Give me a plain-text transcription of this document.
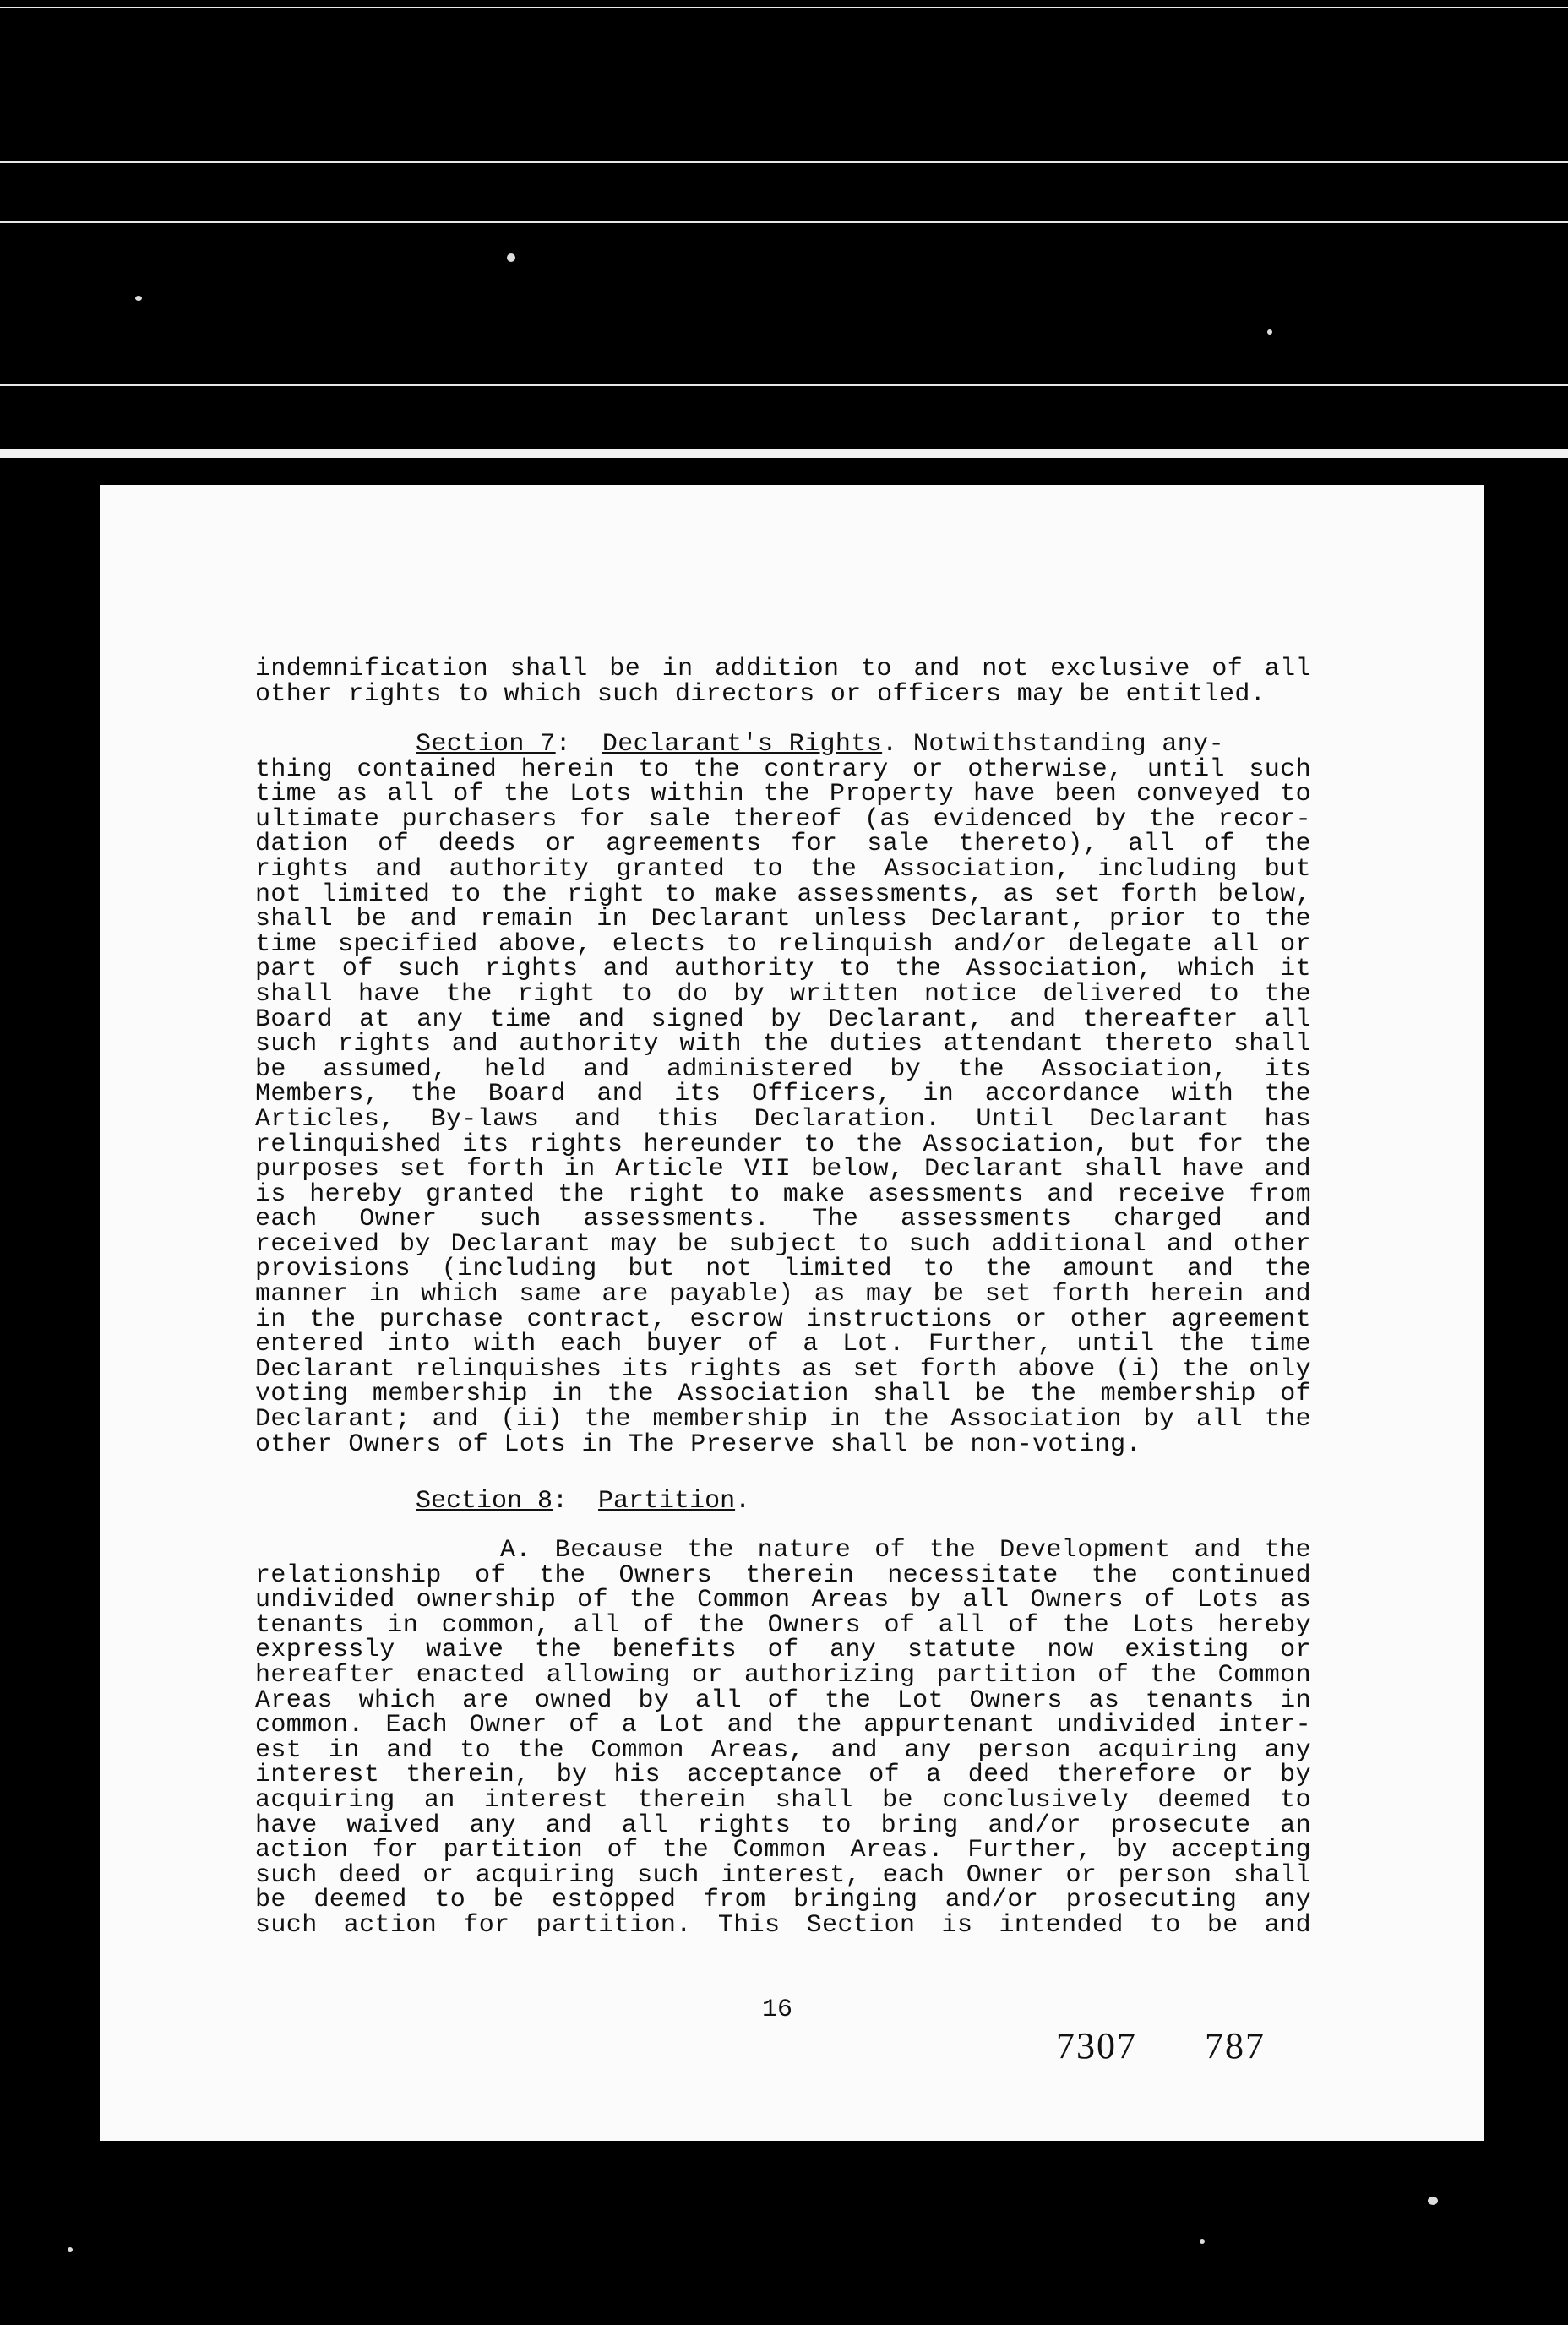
indemnification shall be in addition to and not exclusive of all

other rights to which such directors or officers may be entitled.

Section 7:  Declarant's Rights. Notwithstanding any-

thing contained herein to the contrary or otherwise, until such

time as all of the Lots within the Property have been conveyed to

ultimate purchasers for sale thereof (as evidenced by the recor-

dation of deeds or agreements for sale thereto), all of the

rights and authority granted to the Association, including but

not limited to the right to make assessments, as set forth below,

shall be and remain in Declarant unless Declarant, prior to the

time specified above, elects to relinquish and/or delegate all or

part of such rights and authority to the Association, which it

shall have the right to do by written notice delivered to the

Board at any time and signed by Declarant, and thereafter all

such rights and authority with the duties attendant thereto shall

be assumed, held and administered by the Association, its

Members, the Board and its Officers, in accordance with the

Articles, By-laws and this Declaration. Until Declarant has

relinquished its rights hereunder to the Association, but for the

purposes set forth in Article VII below, Declarant shall have and

is hereby granted the right to make asessments and receive from

each Owner such assessments. The assessments charged and

received by Declarant may be subject to such additional and other

provisions (including but not limited to the amount and the

manner in which same are payable) as may be set forth herein and

in the purchase contract, escrow instructions or other agreement

entered into with each buyer of a Lot. Further, until the time

Declarant relinquishes its rights as set forth above (i) the only

voting membership in the Association shall be the membership of

Declarant; and (ii) the membership in the Association by all the

other Owners of Lots in The Preserve shall be non-voting.

Section 8:  Partition.

A. Because the nature of the Development and the

relationship of the Owners therein necessitate the continued

undivided ownership of the Common Areas by all Owners of Lots as

tenants in common, all of the Owners of all of the Lots hereby

expressly waive the benefits of any statute now existing or

hereafter enacted allowing or authorizing partition of the Common

Areas which are owned by all of the Lot Owners as tenants in

common. Each Owner of a Lot and the appurtenant undivided inter-

est in and to the Common Areas, and any person acquiring any

interest therein, by his acceptance of a deed therefore or by

acquiring an interest therein shall be conclusively deemed to

have waived any and all rights to bring and/or prosecute an

action for partition of the Common Areas. Further, by accepting

such deed or acquiring such interest, each Owner or person shall

be deemed to be estopped from bringing and/or prosecuting any

such action for partition. This Section is intended to be and

16
7307 787
